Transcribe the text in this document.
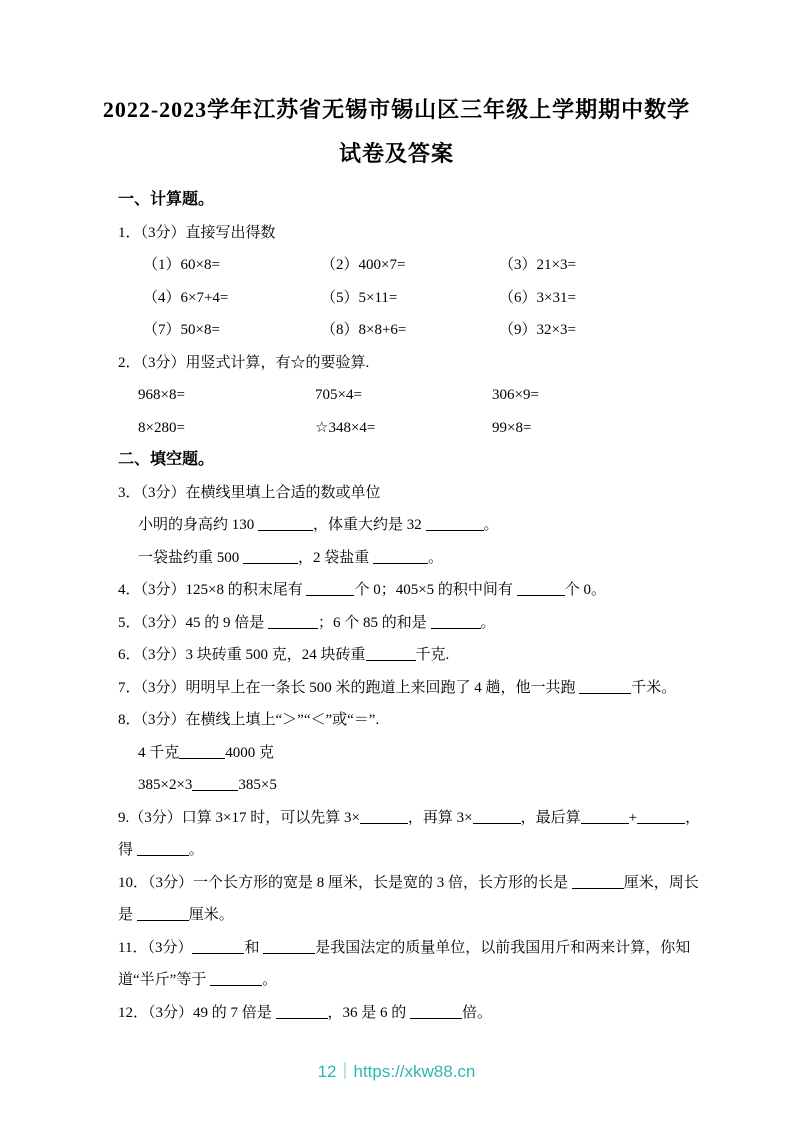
2022-2023学年江苏省无锡市锡山区三年级上学期期中数学
试卷及答案
一、计算题。
1．（3分）直接写出得数
（1）60×8=	（2）400×7=	（3）21×3=
（4）6×7+4=	（5）5×11=	（6）3×31=
（7）50×8=	（8）8×8+6=	（9）32×3=
2．（3分）用竖式计算，有☆的要验算.
968×8=	705×4=	306×9=
8×280=	☆348×4=	99×8=
二、填空题。
3．（3分）在横线里填上合适的数或单位
小明的身高约 130	，体重大约是 32	。
一袋盐约重 500	，2 袋盐重	。
4．（3分）125×8 的积末尾有	个 0；405×5 的积中间有	个 0。
5．（3分）45 的 9 倍是	；6 个 85 的和是	。
6．（3分）3 块砖重 500 克，24 块砖重	千克.
7．（3分）明明早上在一条长 500 米的跑道上来回跑了 4 趟，他一共跑	千米。
8．（3分）在横线上填上“＞”“＜”或“＝”.
4 千克	4000 克
385×2×3	385×5
9.（3分）口算 3×17 时，可以先算 3×	，再算 3×	，最后算	+	，
得	。
10．（3分）一个长方形的宽是 8 厘米，长是宽的 3 倍，长方形的长是	厘米，周长
是	厘米。
11．（3分）	和	是我国法定的质量单位，以前我国用斤和两来计算，你知
道“半斤”等于	。
12．（3分）49 的 7 倍是	，36 是 6 的	倍。
12｜https://xkw88.cn
